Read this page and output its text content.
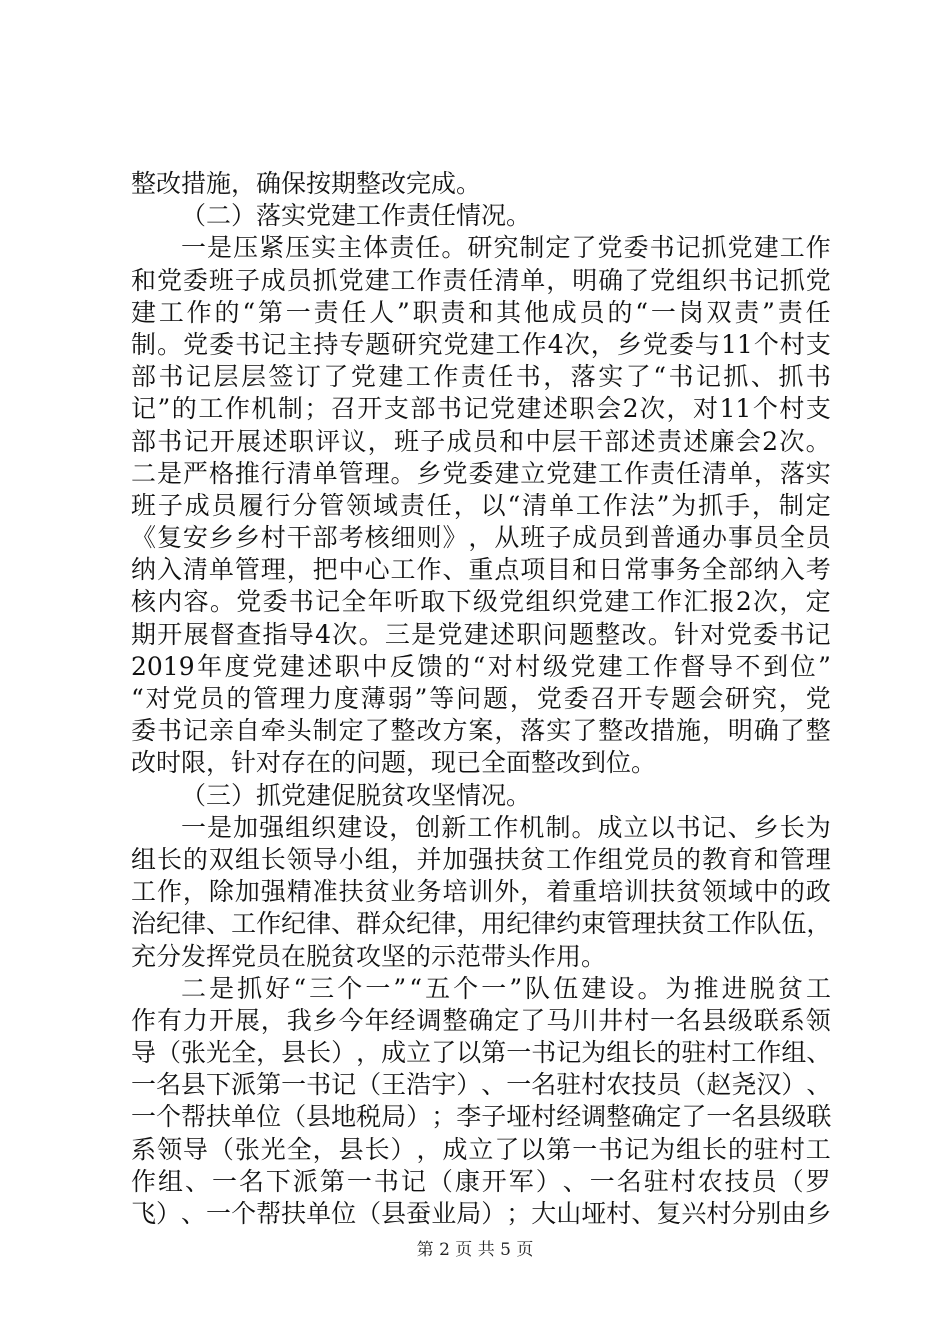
整改措施，确保按期整改完成。
（二）落实党建工作责任情况。
一 是 压 紧 压 实 主 体 责 任 。 研 究 制 定 了 党 委 书 记 抓 党 建 工 作
和 党 委 班 子 成 员 抓 党 建 工 作 责 任 清 单 ， 明 确 了 党 组 织 书 记 抓 党
建 工 作 的 “ 第 一 责 任 人 ” 职 责 和 其 他 成 员 的 “ 一 岗 双 责 ” 责 任
制 。 党 委 书 记 主 持 专 题 研 究 党 建 工 作 4 次 ， 乡 党 委 与 11 个 村 支
部 书 记 层 层 签 订 了 党 建 工 作 责 任 书 ， 落 实 了 “ 书 记 抓 、 抓 书
记 ” 的 工 作 机 制 ； 召 开 支 部 书 记 党 建 述 职 会 2 次 ， 对 11 个 村 支
部 书 记 开 展 述 职 评 议 ， 班 子 成 员 和 中 层 干 部 述 责 述 廉 会 2 次 。
二 是 严 格 推 行 清 单 管 理 。 乡 党 委 建 立 党 建 工 作 责 任 清 单 ， 落 实
班 子 成 员 履 行 分 管 领 域 责 任 ， 以 “ 清 单 工 作 法 ” 为 抓 手 ， 制 定
《 复 安 乡 乡 村 干 部 考 核 细 则 》 ， 从 班 子 成 员 到 普 通 办 事 员 全 员
纳 入 清 单 管 理 ， 把 中 心 工 作 、 重 点 项 目 和 日 常 事 务 全 部 纳 入 考
核 内 容 。 党 委 书 记 全 年 听 取 下 级 党 组 织 党 建 工 作 汇 报 2 次 ， 定
期 开 展 督 查 指 导 4 次 。 三 是 党 建 述 职 问 题 整 改 。 针 对 党 委 书 记
2019 年 度 党 建 述 职 中 反 馈 的 “ 对 村 级 党 建 工 作 督 导 不 到 位 ”
“ 对 党 员 的 管 理 力 度 薄 弱 ” 等 问 题 ， 党 委 召 开 专 题 会 研 究 ， 党
委 书 记 亲 自 牵 头 制 定 了 整 改 方 案 ， 落 实 了 整 改 措 施 ， 明 确 了 整
改时限，针对存在的问题，现已全面整改到位。
（三）抓党建促脱贫攻坚情况。
一 是 加 强 组 织 建 设 ， 创 新 工 作 机 制 。 成 立 以 书 记 、 乡 长 为
组 长 的 双 组 长 领 导 小 组 ， 并 加 强 扶 贫 工 作 组 党 员 的 教 育 和 管 理
工 作 ， 除 加 强 精 准 扶 贫 业 务 培 训 外 ， 着 重 培 训 扶 贫 领 域 中 的 政
治 纪 律 、 工 作 纪 律 、 群 众 纪 律 ， 用 纪 律 约 束 管 理 扶 贫 工 作 队 伍 ，
充分发挥党员在脱贫攻坚的示范带头作用。
二 是 抓 好 “ 三 个 一 ” “ 五 个 一 ” 队 伍 建 设 。 为 推 进 脱 贫 工
作 有 力 开 展 ， 我 乡 今 年 经 调 整 确 定 了 马 川 井 村 一 名 县 级 联 系 领
导 （ 张 光 全 ， 县 长 ） ， 成 立 了 以 第 一 书 记 为 组 长 的 驻 村 工 作 组 、
一 名 县 下 派 第 一 书 记 （ 王 浩 宇 ） 、 一 名 驻 村 农 技 员 （ 赵 尧 汉 ） 、
一 个 帮 扶 单 位 （ 县 地 税 局 ） ； 李 子 垭 村 经 调 整 确 定 了 一 名 县 级 联
系 领 导 （ 张 光 全 ， 县 长 ） ， 成 立 了 以 第 一 书 记 为 组 长 的 驻 村 工
作 组 、 一 名 下 派 第 一 书 记 （ 康 开 军 ） 、 一 名 驻 村 农 技 员 （ 罗
飞 ） 、 一 个 帮 扶 单 位 （ 县 蚕 业 局 ） ； 大 山 垭 村 、 复 兴 村 分 别 由 乡
第 2 页 共 5 页
